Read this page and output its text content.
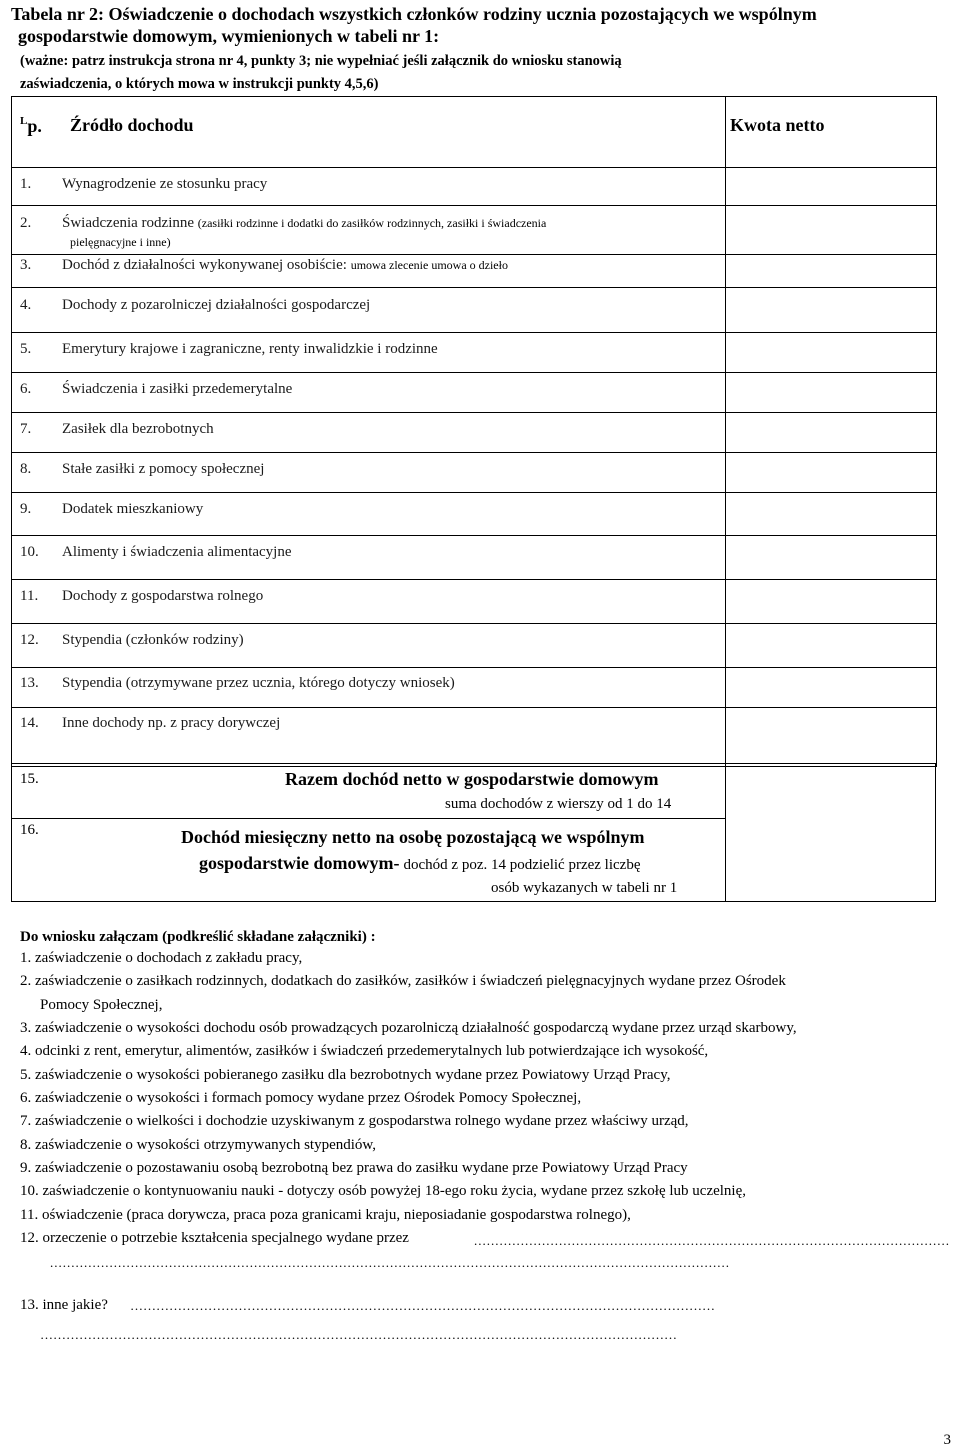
Tabela nr 2: Oświadczenie o dochodach wszystkich członków rodziny ucznia pozostających we wspólnym
gospodarstwie domowym, wymienionych w tabeli nr 1:
(ważne: patrz instrukcja strona nr 4, punkty 3; nie wypełniać jeśli załącznik do wniosku stanowią
zaświadczenia, o których mowa w instrukcji punkty 4,5,6)
$^L$p. Źródło dochodu	Kwota netto

1. Wynagrodzenie ze stosunku pracy	
2. Świadczenia rodzinne (zasiłki rodzinne i dodatki do zasiłków rodzinnych, zasiłki i świadczenia
pielęgnacyjne i inne)	

3. Dochód z działalności wykonywanej osobiście: umowa zlecenie umowa o dzieło	
4. Dochody z pozarolniczej działalności gospodarczej	
5. Emerytury krajowe i zagraniczne, renty inwalidzkie i rodzinne	
6. Świadczenia i zasiłki przedemerytalne	
7. Zasiłek dla bezrobotnych	
8. Stałe zasiłki z pomocy społecznej	
9. Dodatek mieszkaniowy	
10. Alimenty i świadczenia alimentacyjne	
11. Dochody z gospodarstwa rolnego	
12. Stypendia (członków rodziny)	
13. Stypendia (otrzymywane przez ucznia, którego dotyczy wniosek)	
14. Inne dochody np. z pracy dorywczej	
15.	Razem dochód netto w gospodarstwie domowym
suma dochodów z wierszy od 1 do 14
16.	Dochód miesięczny netto na osobę pozostającą we wspólnym
gospodarstwie domowym- dochód z poz. 14 podzielić przez liczbę
osób wykazanych w tabeli nr 1
Do wniosku załączam (podkreślić składane załączniki) :
1. zaświadczenie o dochodach z zakładu pracy,
2. zaświadczenie o zasiłkach rodzinnych, dodatkach do zasiłków, zasiłków i świadczeń pielęgnacyjnych wydane przez Ośrodek
Pomocy Społecznej,
3. zaświadczenie o wysokości dochodu osób prowadzących pozarolniczą działalność gospodarczą wydane przez urząd skarbowy,
4. odcinki z rent, emerytur, alimentów, zasiłków i świadczeń przedemerytalnych lub potwierdzające ich wysokość,
5. zaświadczenie o wysokości pobieranego zasiłku dla bezrobotnych wydane przez Powiatowy Urząd Pracy,
6. zaświadczenie o wysokości i formach pomocy wydane przez Ośrodek Pomocy Społecznej,
7. zaświadczenie o wielkości i dochodzie uzyskiwanym z gospodarstwa rolnego wydane przez właściwy urząd,
8. zaświadczenie o wysokości otrzymywanych stypendiów,
9. zaświadczenie o pozostawaniu osobą bezrobotną bez prawa do zasiłku wydane prze Powiatowy Urząd Pracy
10. zaświadczenie o kontynuowaniu nauki - dotyczy osób powyżej 18-ego roku życia, wydane przez szkołę lub uczelnię,
11. oświadczenie (praca dorywcza, praca poza granicami kraju, nieposiadanie gospodarstwa rolnego),
12. orzeczenie o potrzebie kształcenia specjalnego wydane przez	................................................................................................................
................................................................................................................................................................
13. inne jakie? ………………………………………………………………………………………………………………………
…………………………………………………………………………………………………………………………………
3
